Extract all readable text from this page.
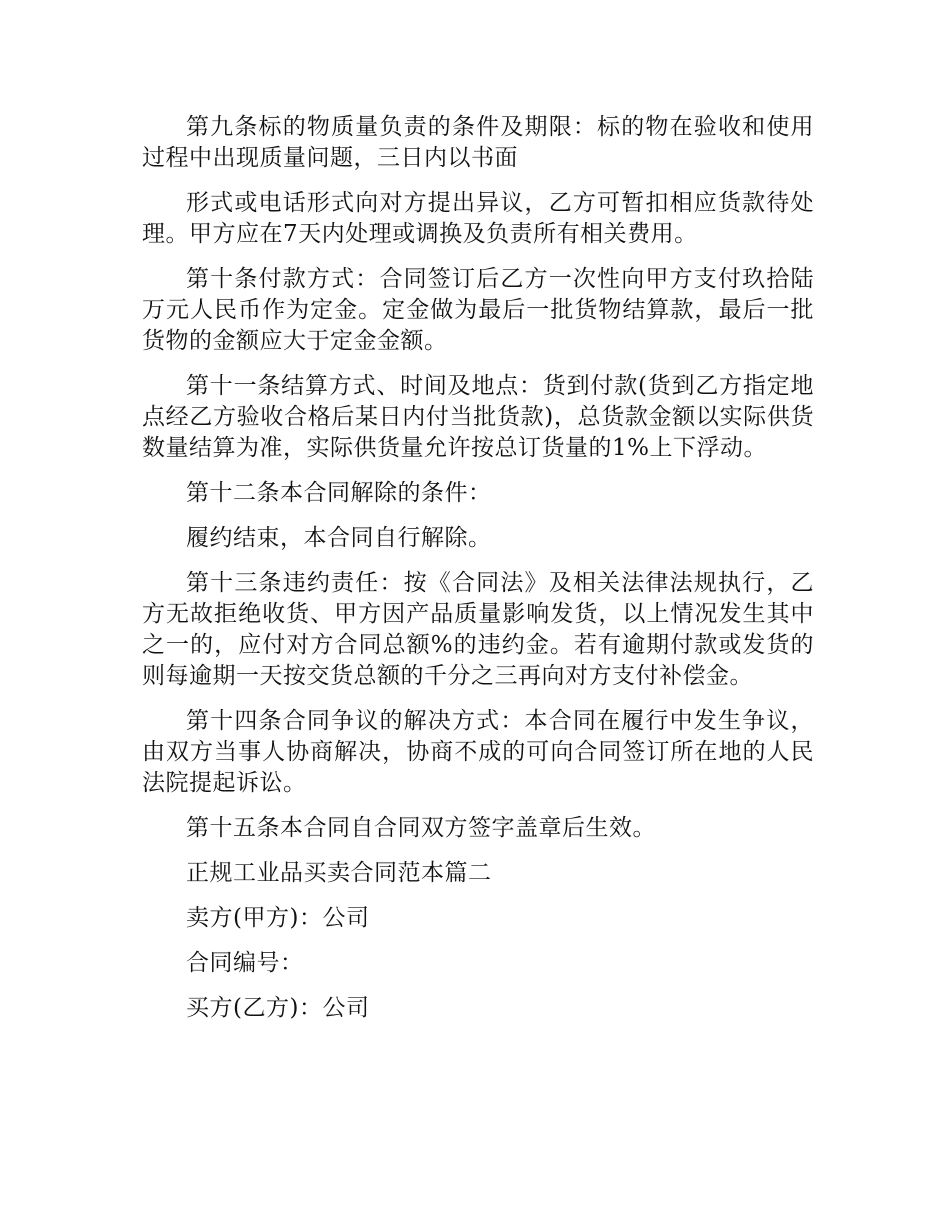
第九条标的物质量负责的条件及期限：标的物在验收和使用过程中出现质量问题，三日内以书面

形式或电话形式向对方提出异议，乙方可暂扣相应货款待处理。甲方应在7天内处理或调换及负责所有相关费用。

第十条付款方式：合同签订后乙方一次性向甲方支付玖拾陆万元人民币作为定金。定金做为最后一批货物结算款，最后一批货物的金额应大于定金金额。

第十一条结算方式、时间及地点：货到付款(货到乙方指定地点经乙方验收合格后某日内付当批货款)，总货款金额以实际供货数量结算为准，实际供货量允许按总订货量的1%上下浮动。

第十二条本合同解除的条件：

履约结束，本合同自行解除。

第十三条违约责任：按《合同法》及相关法律法规执行，乙方无故拒绝收货、甲方因产品质量影响发货，以上情况发生其中之一的，应付对方合同总额%的违约金。若有逾期付款或发货的则每逾期一天按交货总额的千分之三再向对方支付补偿金。

第十四条合同争议的解决方式：本合同在履行中发生争议，由双方当事人协商解决，协商不成的可向合同签订所在地的人民法院提起诉讼。

第十五条本合同自合同双方签字盖章后生效。

正规工业品买卖合同范本篇二

卖方(甲方)：公司

合同编号：

买方(乙方)：公司
